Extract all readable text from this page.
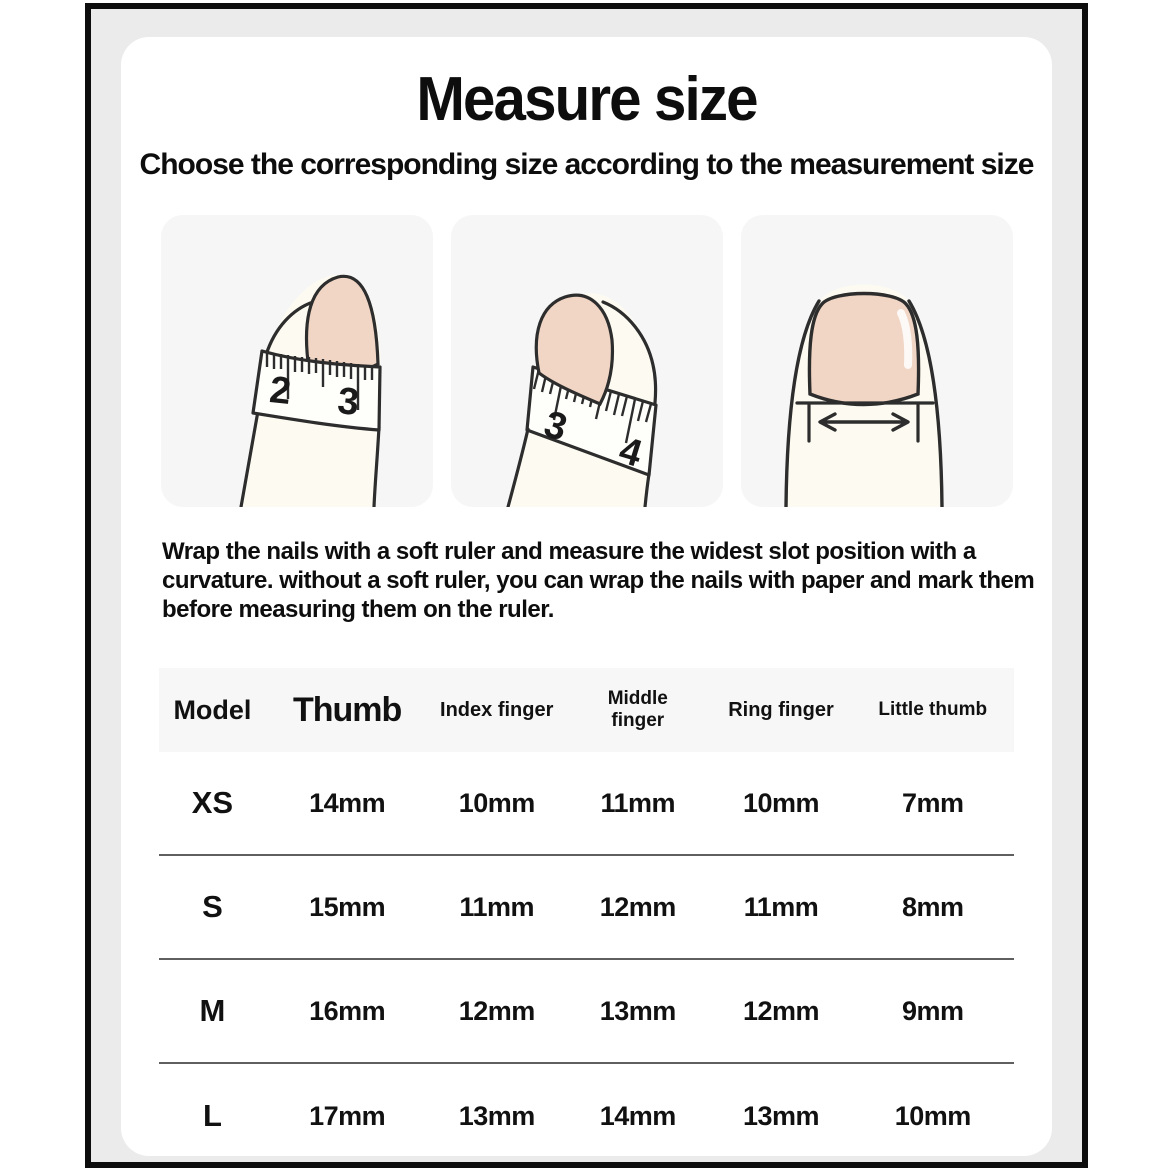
Measure size
Choose the corresponding size according to the measurement size
2 3
3
4

Wrap the nails with a soft ruler and measure the widest slot position with a curvature. without a soft ruler, you can wrap the nails with paper and mark them before measuring them on the ruler.

Model	Thumb	Index finger	Middle finger	Ring finger	Little thumb
XS	14mm	10mm	11mm	10mm	7mm
S	15mm	11mm	12mm	11mm	8mm
M	16mm	12mm	13mm	12mm	9mm
L	17mm	13mm	14mm	13mm	10mm
